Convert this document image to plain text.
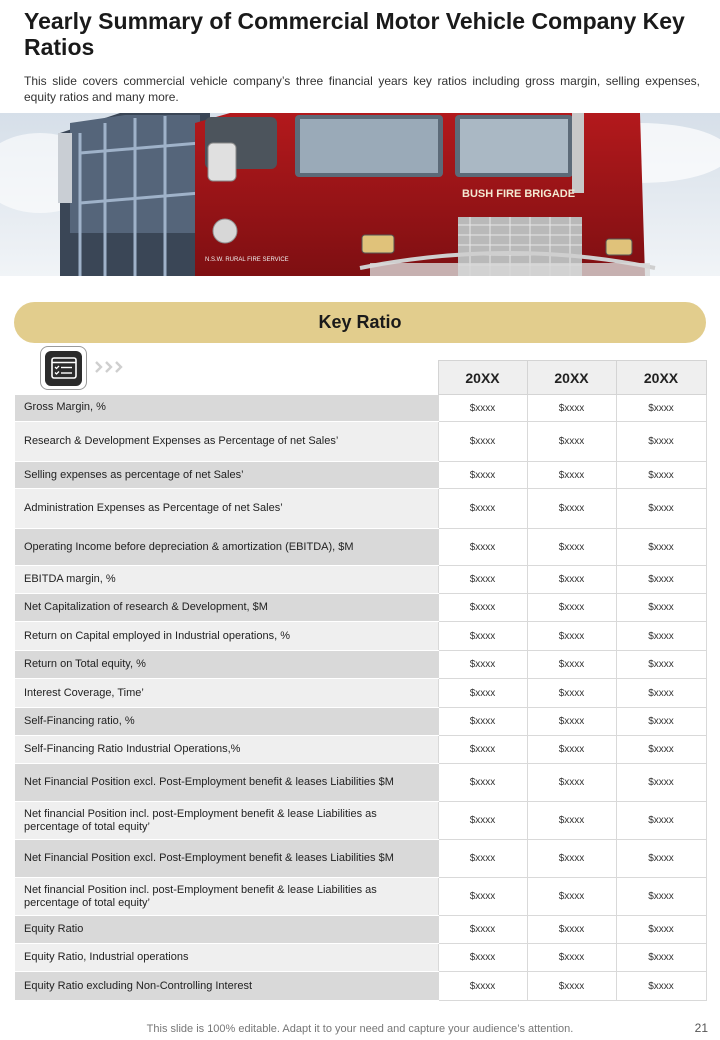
Yearly Summary of Commercial Motor Vehicle Company Key Ratios
This slide covers commercial vehicle company’s three financial years key ratios including gross margin, selling expenses, equity ratios and many more.
N.S.W. RURAL FIRE SERVICE
BUSH FIRE BRIGADE
Key Ratio
	20XX	20XX	20XX
Gross Margin, %	$xxxx	$xxxx	$xxxx
Research & Development Expenses as Percentage of net Sales’	$xxxx	$xxxx	$xxxx
Selling expenses as percentage of net Sales’	$xxxx	$xxxx	$xxxx
Administration Expenses as Percentage of net Sales’	$xxxx	$xxxx	$xxxx
Operating Income before depreciation & amortization (EBITDA), $M	$xxxx	$xxxx	$xxxx
EBITDA margin, %	$xxxx	$xxxx	$xxxx
Net Capitalization of research & Development, $M	$xxxx	$xxxx	$xxxx
Return on Capital employed in Industrial operations, %	$xxxx	$xxxx	$xxxx
Return on Total equity, %	$xxxx	$xxxx	$xxxx
Interest Coverage, Time’	$xxxx	$xxxx	$xxxx
Self-Financing ratio, %	$xxxx	$xxxx	$xxxx
Self-Financing Ratio Industrial Operations,%	$xxxx	$xxxx	$xxxx
Net Financial Position excl. Post-Employment benefit & leases Liabilities $M	$xxxx	$xxxx	$xxxx
Net financial Position incl. post-Employment benefit & lease Liabilities as percentage of total equity’	$xxxx	$xxxx	$xxxx
Net Financial Position excl. Post-Employment benefit & leases Liabilities $M	$xxxx	$xxxx	$xxxx
Net financial Position incl. post-Employment benefit & lease Liabilities as percentage of total equity’	$xxxx	$xxxx	$xxxx
Equity Ratio	$xxxx	$xxxx	$xxxx
Equity Ratio, Industrial operations	$xxxx	$xxxx	$xxxx
Equity Ratio excluding Non-Controlling Interest	$xxxx	$xxxx	$xxxx
This slide is 100% editable. Adapt it to your need and capture your audience’s attention.	21
